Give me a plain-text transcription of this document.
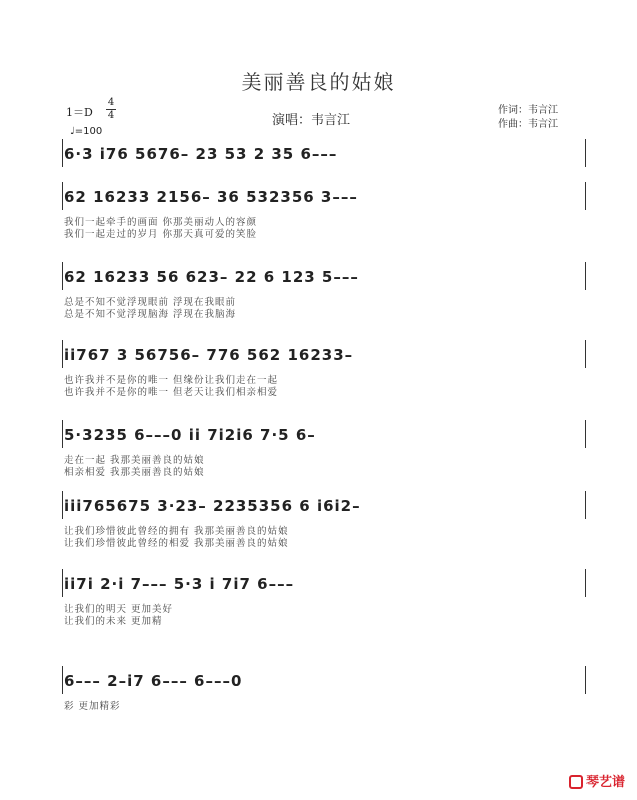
美丽善良的姑娘
1＝D
4
4
♩=100
演唱：韦言江
作词：韦言江
作曲：韦言江
6·3 i76 5676– 23 53 2 35 6–––
62 16233 2156– 36 532356 3–––
我们一起牵手的画面 你那美丽动人的容颜
我们一起走过的岁月 你那天真可爱的笑脸
62 16233 56 623– 22 6 123 5–––
总是不知不觉浮现眼前 浮现在我眼前
总是不知不觉浮现脑海 浮现在我脑海
ii767 3 56756– 776 562 16233–
也许我并不是你的唯一 但缘份让我们走在一起
也许我并不是你的唯一 但老天让我们相亲相爱
5·3235 6–––0 ii 7i2i6 7·5 6–
走在一起 我那美丽善良的姑娘
相亲相爱 我那美丽善良的姑娘
iii765675 3·23– 2235356 6 i6i2–
让我们珍惜彼此曾经的拥有 我那美丽善良的姑娘
让我们珍惜彼此曾经的相爱 我那美丽善良的姑娘
ii7i 2·i 7––– 5·3 i 7i7 6–––
让我们的明天 更加美好
让我们的未来 更加精
6––– 2–i7 6––– 6–––0
彩 更加精彩
琴艺谱
